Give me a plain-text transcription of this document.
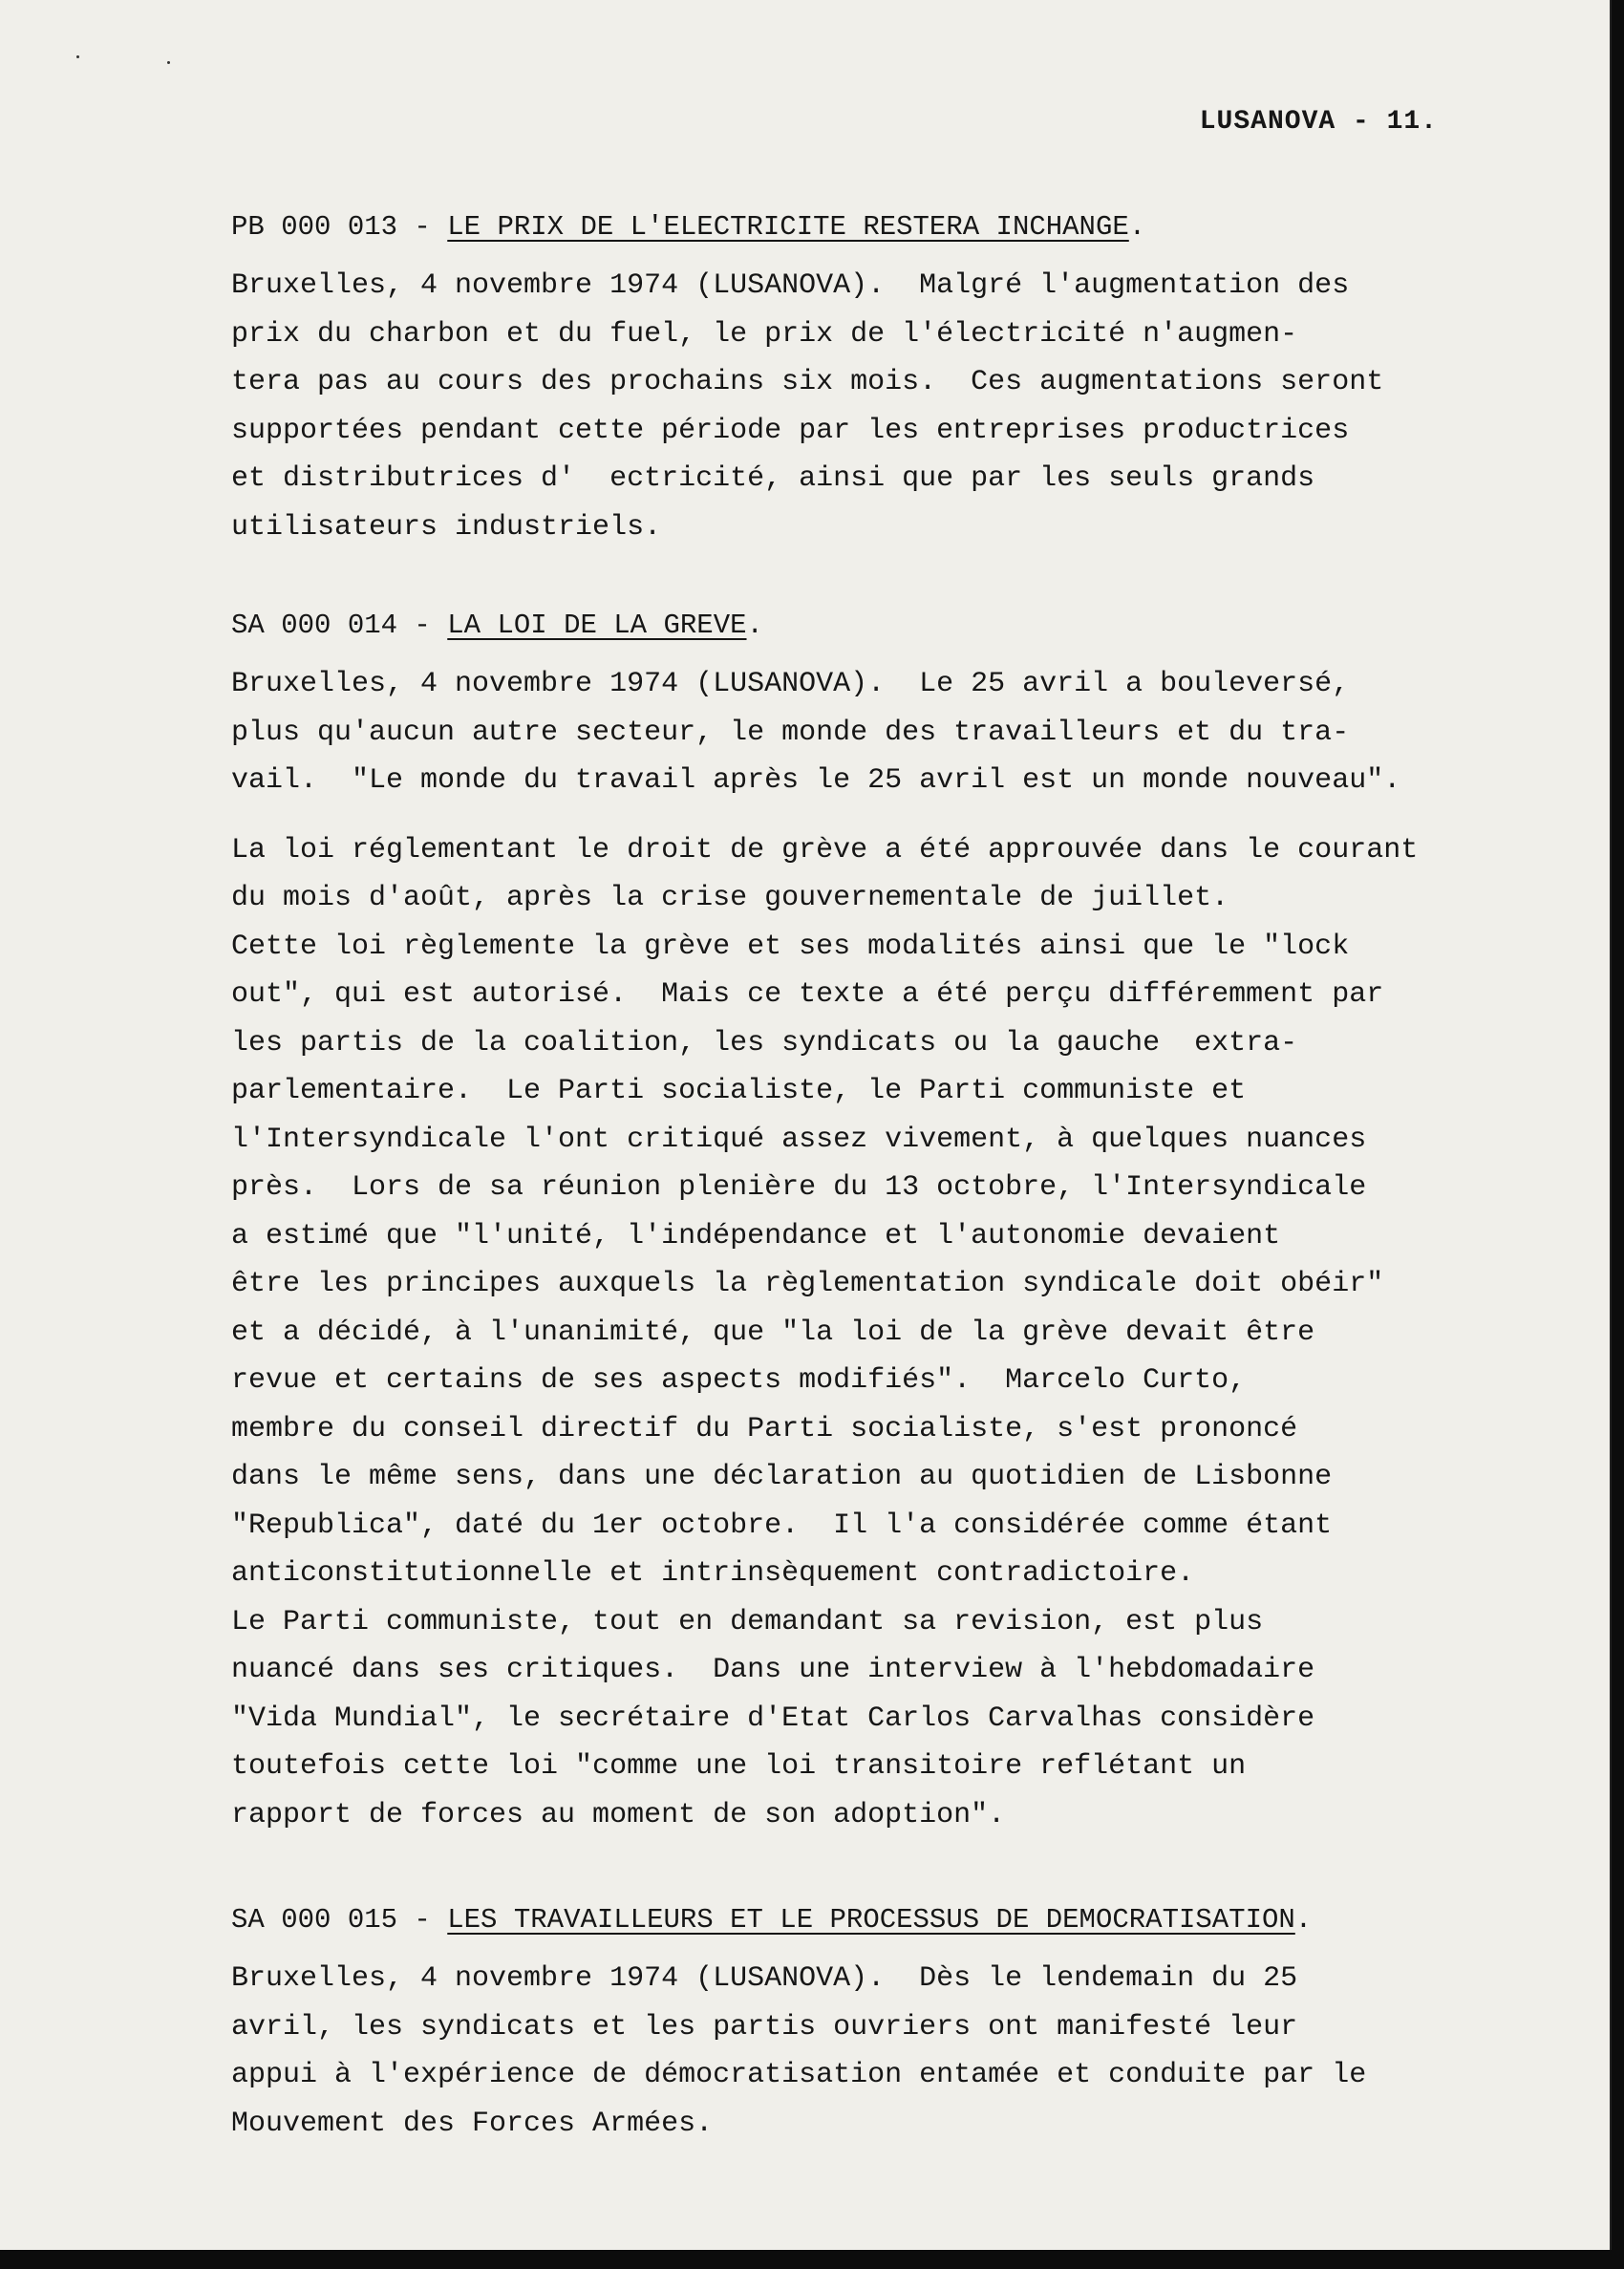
LUSANOVA - 11.
PB 000 013 - LE PRIX DE L'ELECTRICITE RESTERA INCHANGE.
Bruxelles, 4 novembre 1974 (LUSANOVA).  Malgré l'augmentation des
prix du charbon et du fuel, le prix de l'électricité n'augmen-
tera pas au cours des prochains six mois.  Ces augmentations seront
supportées pendant cette période par les entreprises productrices
et distributrices d'  ectricité, ainsi que par les seuls grands
utilisateurs industriels.
SA 000 014 - LA LOI DE LA GREVE.
Bruxelles, 4 novembre 1974 (LUSANOVA).  Le 25 avril a bouleversé,
plus qu'aucun autre secteur, le monde des travailleurs et du tra-
vail.  "Le monde du travail après le 25 avril est un monde nouveau".
La loi réglementant le droit de grève a été approuvée dans le courant
du mois d'août, après la crise gouvernementale de juillet.
Cette loi règlemente la grève et ses modalités ainsi que le "lock
out", qui est autorisé.  Mais ce texte a été perçu différemment par
les partis de la coalition, les syndicats ou la gauche  extra-
parlementaire.  Le Parti socialiste, le Parti communiste et
l'Intersyndicale l'ont critiqué assez vivement, à quelques nuances
près.  Lors de sa réunion plenière du 13 octobre, l'Intersyndicale
a estimé que "l'unité, l'indépendance et l'autonomie devaient
être les principes auxquels la règlementation syndicale doit obéir"
et a décidé, à l'unanimité, que "la loi de la grève devait être
revue et certains de ses aspects modifiés".  Marcelo Curto,
membre du conseil directif du Parti socialiste, s'est prononcé
dans le même sens, dans une déclaration au quotidien de Lisbonne
"Republica", daté du 1er octobre.  Il l'a considérée comme étant
anticonstitutionnelle et intrinsèquement contradictoire.
Le Parti communiste, tout en demandant sa revision, est plus
nuancé dans ses critiques.  Dans une interview à l'hebdomadaire
"Vida Mundial", le secrétaire d'Etat Carlos Carvalhas considère
toutefois cette loi "comme une loi transitoire reflétant un
rapport de forces au moment de son adoption".
SA 000 015 - LES TRAVAILLEURS ET LE PROCESSUS DE DEMOCRATISATION.
Bruxelles, 4 novembre 1974 (LUSANOVA).  Dès le lendemain du 25
avril, les syndicats et les partis ouvriers ont manifesté leur
appui à l'expérience de démocratisation entamée et conduite par le
Mouvement des Forces Armées.
